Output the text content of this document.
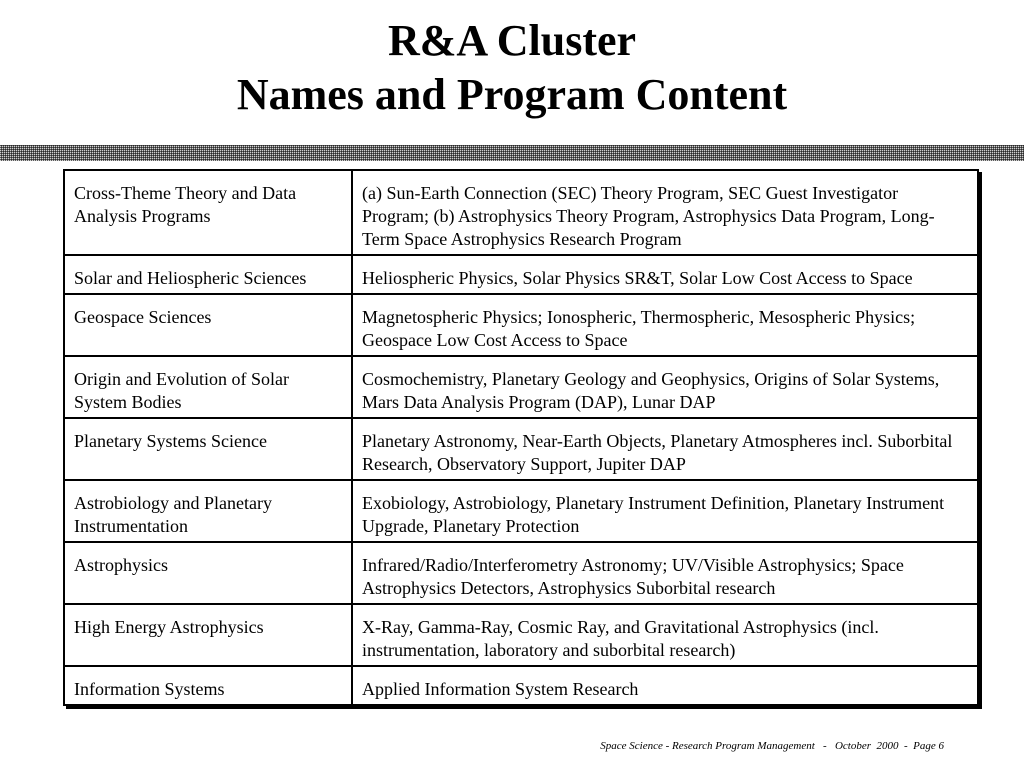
R&A Cluster
Names and Program Content
Cross-Theme Theory and Data Analysis Programs	(a) Sun-Earth Connection (SEC) Theory Program, SEC Guest Investigator Program; (b) Astrophysics Theory Program, Astrophysics Data Program, Long-Term Space Astrophysics Research Program
Solar and Heliospheric Sciences	Heliospheric Physics, Solar Physics SR&T, Solar Low Cost Access to Space
Geospace Sciences	Magnetospheric Physics; Ionospheric, Thermospheric, Mesospheric Physics; Geospace Low Cost Access to Space
Origin and Evolution of Solar System Bodies	Cosmochemistry, Planetary Geology and Geophysics, Origins of Solar Systems, Mars Data Analysis Program (DAP), Lunar DAP
Planetary Systems Science	Planetary Astronomy, Near-Earth Objects, Planetary Atmospheres incl. Suborbital Research, Observatory Support, Jupiter DAP
Astrobiology and Planetary Instrumentation	Exobiology, Astrobiology, Planetary Instrument Definition, Planetary Instrument Upgrade, Planetary Protection
Astrophysics	Infrared/Radio/Interferometry Astronomy; UV/Visible Astrophysics; Space Astrophysics Detectors, Astrophysics Suborbital research
High Energy Astrophysics	X-Ray, Gamma-Ray, Cosmic Ray, and Gravitational Astrophysics (incl. instrumentation, laboratory and suborbital research)
Information Systems	Applied Information System Research
Space Science - Research Program Management   -   October  2000  -  Page 6
